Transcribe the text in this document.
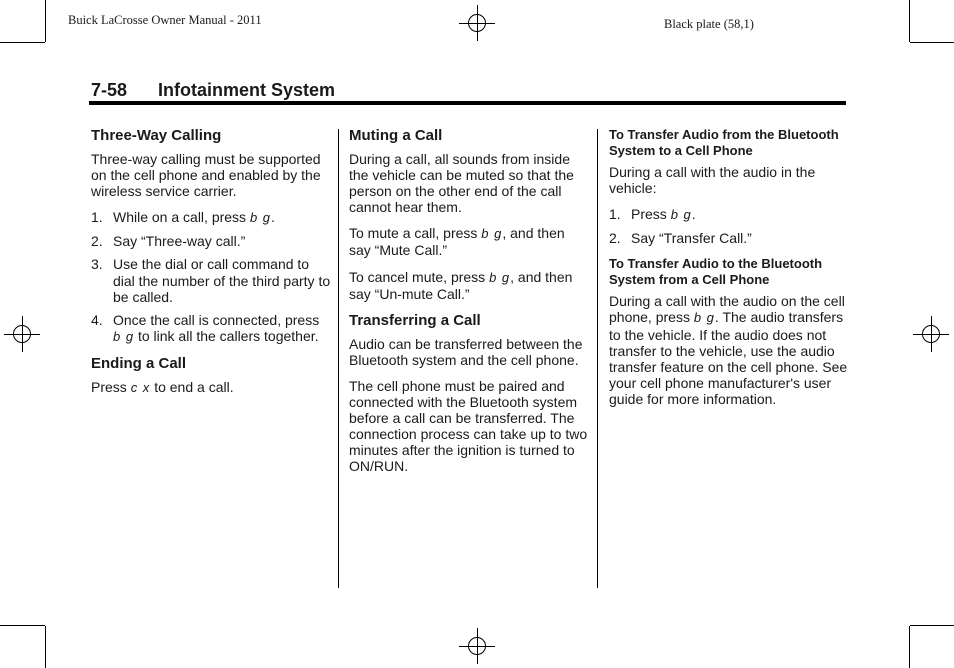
Buick LaCrosse Owner Manual - 2011	Black plate (58,1)
7-58 Infotainment System
Three-Way Calling

Three-way calling must be supported on the cell phone and enabled by the wireless service carrier.

1. While on a call, press b g.
2. Say “Three-way call.”
3. Use the dial or call command to dial the number of the third party to be called.
4. Once the call is connected, press b g to link all the callers together.
Ending a Call

Press c x to end a call.

Muting a Call

During a call, all sounds from inside the vehicle can be muted so that the person on the other end of the call cannot hear them.

To mute a call, press b g, and then say “Mute Call.”

To cancel mute, press b g, and then say “Un-mute Call.”

Transferring a Call

Audio can be transferred between the Bluetooth system and the cell phone.

The cell phone must be paired and connected with the Bluetooth system before a call can be transferred. The connection process can take up to two minutes after the ignition is turned to ON/RUN.

To Transfer Audio from the Bluetooth System to a Cell Phone

During a call with the audio in the vehicle:

1. Press b g.
2. Say “Transfer Call.”
To Transfer Audio to the Bluetooth System from a Cell Phone

During a call with the audio on the cell phone, press b g. The audio transfers to the vehicle. If the audio does not transfer to the vehicle, use the audio transfer feature on the cell phone. See your cell phone manufacturer's user guide for more information.
